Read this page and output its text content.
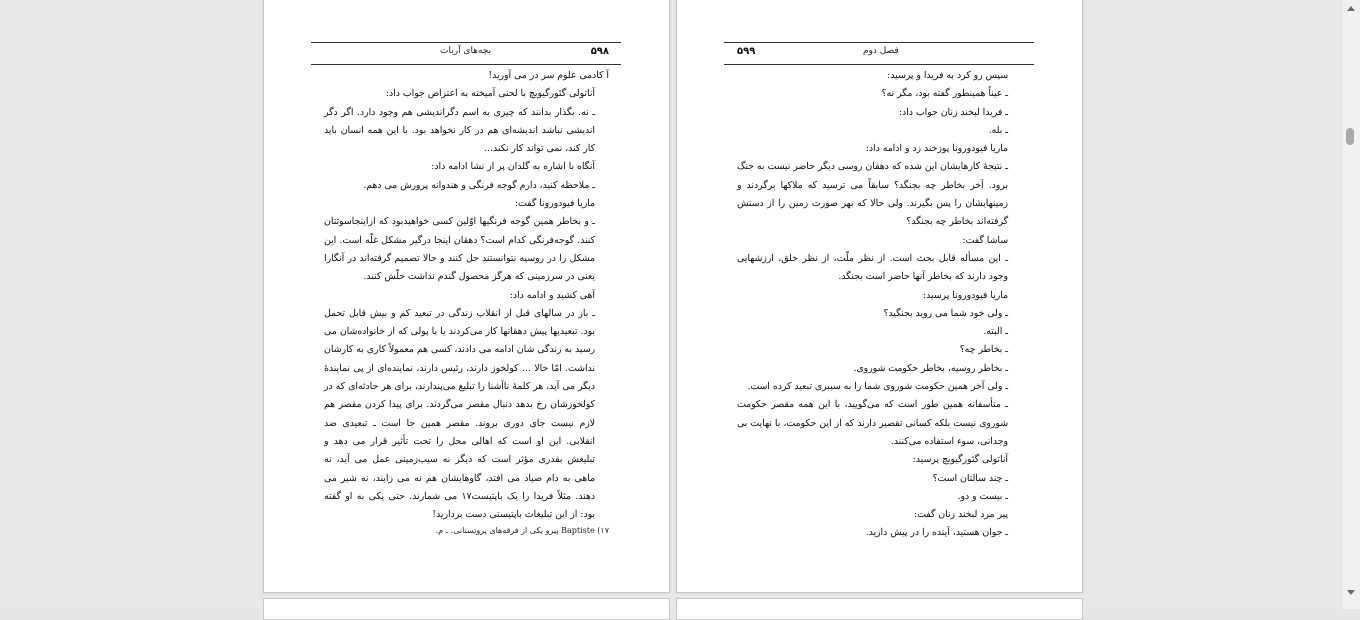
۵۹۸
بچه‌های آربات

آ کادمی علوم سر در می آورید!

آناتولی گئورگیویچ با لحنی آمیخته به اعتراض جواب داد:

ـ نه. بگذار بدانند که چیزی به اسم دگراندیشی هم وجود دارد. اگر دگر اندیشی نباشد اندیشه‌ای هم در کار نخواهد بود. با این همه انسان باید کار کند، نمی تواند کار نکند…

آنگاه با اشاره به گلدان پر از نشا ادامه داد:

ـ ملاحظه کنید، دارم گوجه فرنگی و هندوانه پرورش می دهم.

ماریا فیودورونا گفت:

ـ و بخاطر همین گوجه فرنگیها اوّلین کسی خواهیدبود که ازاینجاسوتتان کنند. گوجه‌فرنگی کدام است؟ دهقان اینجا درگیر مشکل غلّه است. این مشکل را در روسیه نتوانستند حل کنند و حالا تصمیم گرفته‌اند در آنگارا یعنی در سرزمینی که هرگز محصول گندم نداشت حلّش کنند.

آهی کشید و ادامه داد:

ـ باز در سالهای قبل از انقلاب زندگی در تبعید کم و بیش قابل تحمل بود. تبعیدیها پیش دهقانها کار می‌کردند یا با پولی که از خانواده‌شان می رسید به زندگی شان ادامه می دادند، کسی هم معمولاً کاری به کارشان نداشت. امّا حالا … کولخوز دارند، رئیس دارند، نماینده‌ای از پی نمایندهٔ دیگر می آید، هر کلمهٔ ناآشنا را تبلیغ می‌پندارند، برای هر حادثه‌ای که در کولخوزشان رخ بدهد دنبال مقصر می‌گردند. برای پیدا کردن مقصر هم لازم نیست جای دوری بروند. مقصر همین جا است ـ تبعیدی ضد انقلابی. این او است که اهالی محل را تحت تأثیر قرار می دهد و تبلیغش بقدری مؤثر است که دیگر نه سیب‌زمینی عمل می آید، نه ماهی به دام صیاد می افتد، گاوهایشان هم نه می زایند، نه شیر می دهند. مثلاً فریدا را یک باپتیست۱۷ می شمارند. حتی یکی به او گفته بود: از این تبلیغات باپتیستی دست بردارید!

۱۷) Baptiste پیرو یکی از فرقه‌های پروتستانی. ـ م.
۵۹۹	فصل دوم

سپس رو کرد به فریدا و پرسید:

ـ عیناً همینطور گفته بود، مگر نه؟

ـ فریدا لبخند زنان جواب داد:

ـ بله.

ماریا فیودورونا پوزخند زد و ادامه داد:

ـ نتیجهٔ کارهایشان این شده که دهقان روسی دیگر حاضر نیست به جنگ برود. آخر بخاطر چه بجنگد؟ سابقاً می ترسید که ملاکها برگردند و زمینهایشان را پس بگیرند. ولی حالا که بهر صورت زمین را از دستش گرفته‌اند بخاطر چه بجنگد؟

ساشا گفت:

ـ این مسأله قابل بحث است. از نظر ملّت، از نظر خلق، ارزشهایی وجود دارند که بخاطر آنها حاضر است بجنگد.

ماریا فیودورونا پرسید:

ـ ولی خود شما می روید بجنگید؟

ـ البته.

ـ بخاطر چه؟

ـ بخاطر روسیه، بخاطر حکومت شوروی.

ـ ولی آخر همین حکومت شوروی شما را به سیبری تبعید کرده است.

ـ متأسفانه همین طور است که می‌گویید، با این همه مقصر حکومت شوروی نیست بلکه کسانی تقصیر دارند که از این حکومت، با نهایت بی وجدانی، سوء استفاده می‌کنند.

آناتولی گئورگیویچ پرسید:

ـ چند سالتان است؟

ـ بیست و دو.

پیر مرد لبخند زنان گفت:

ـ جوان هستید، آینده را در پیش دارید.
